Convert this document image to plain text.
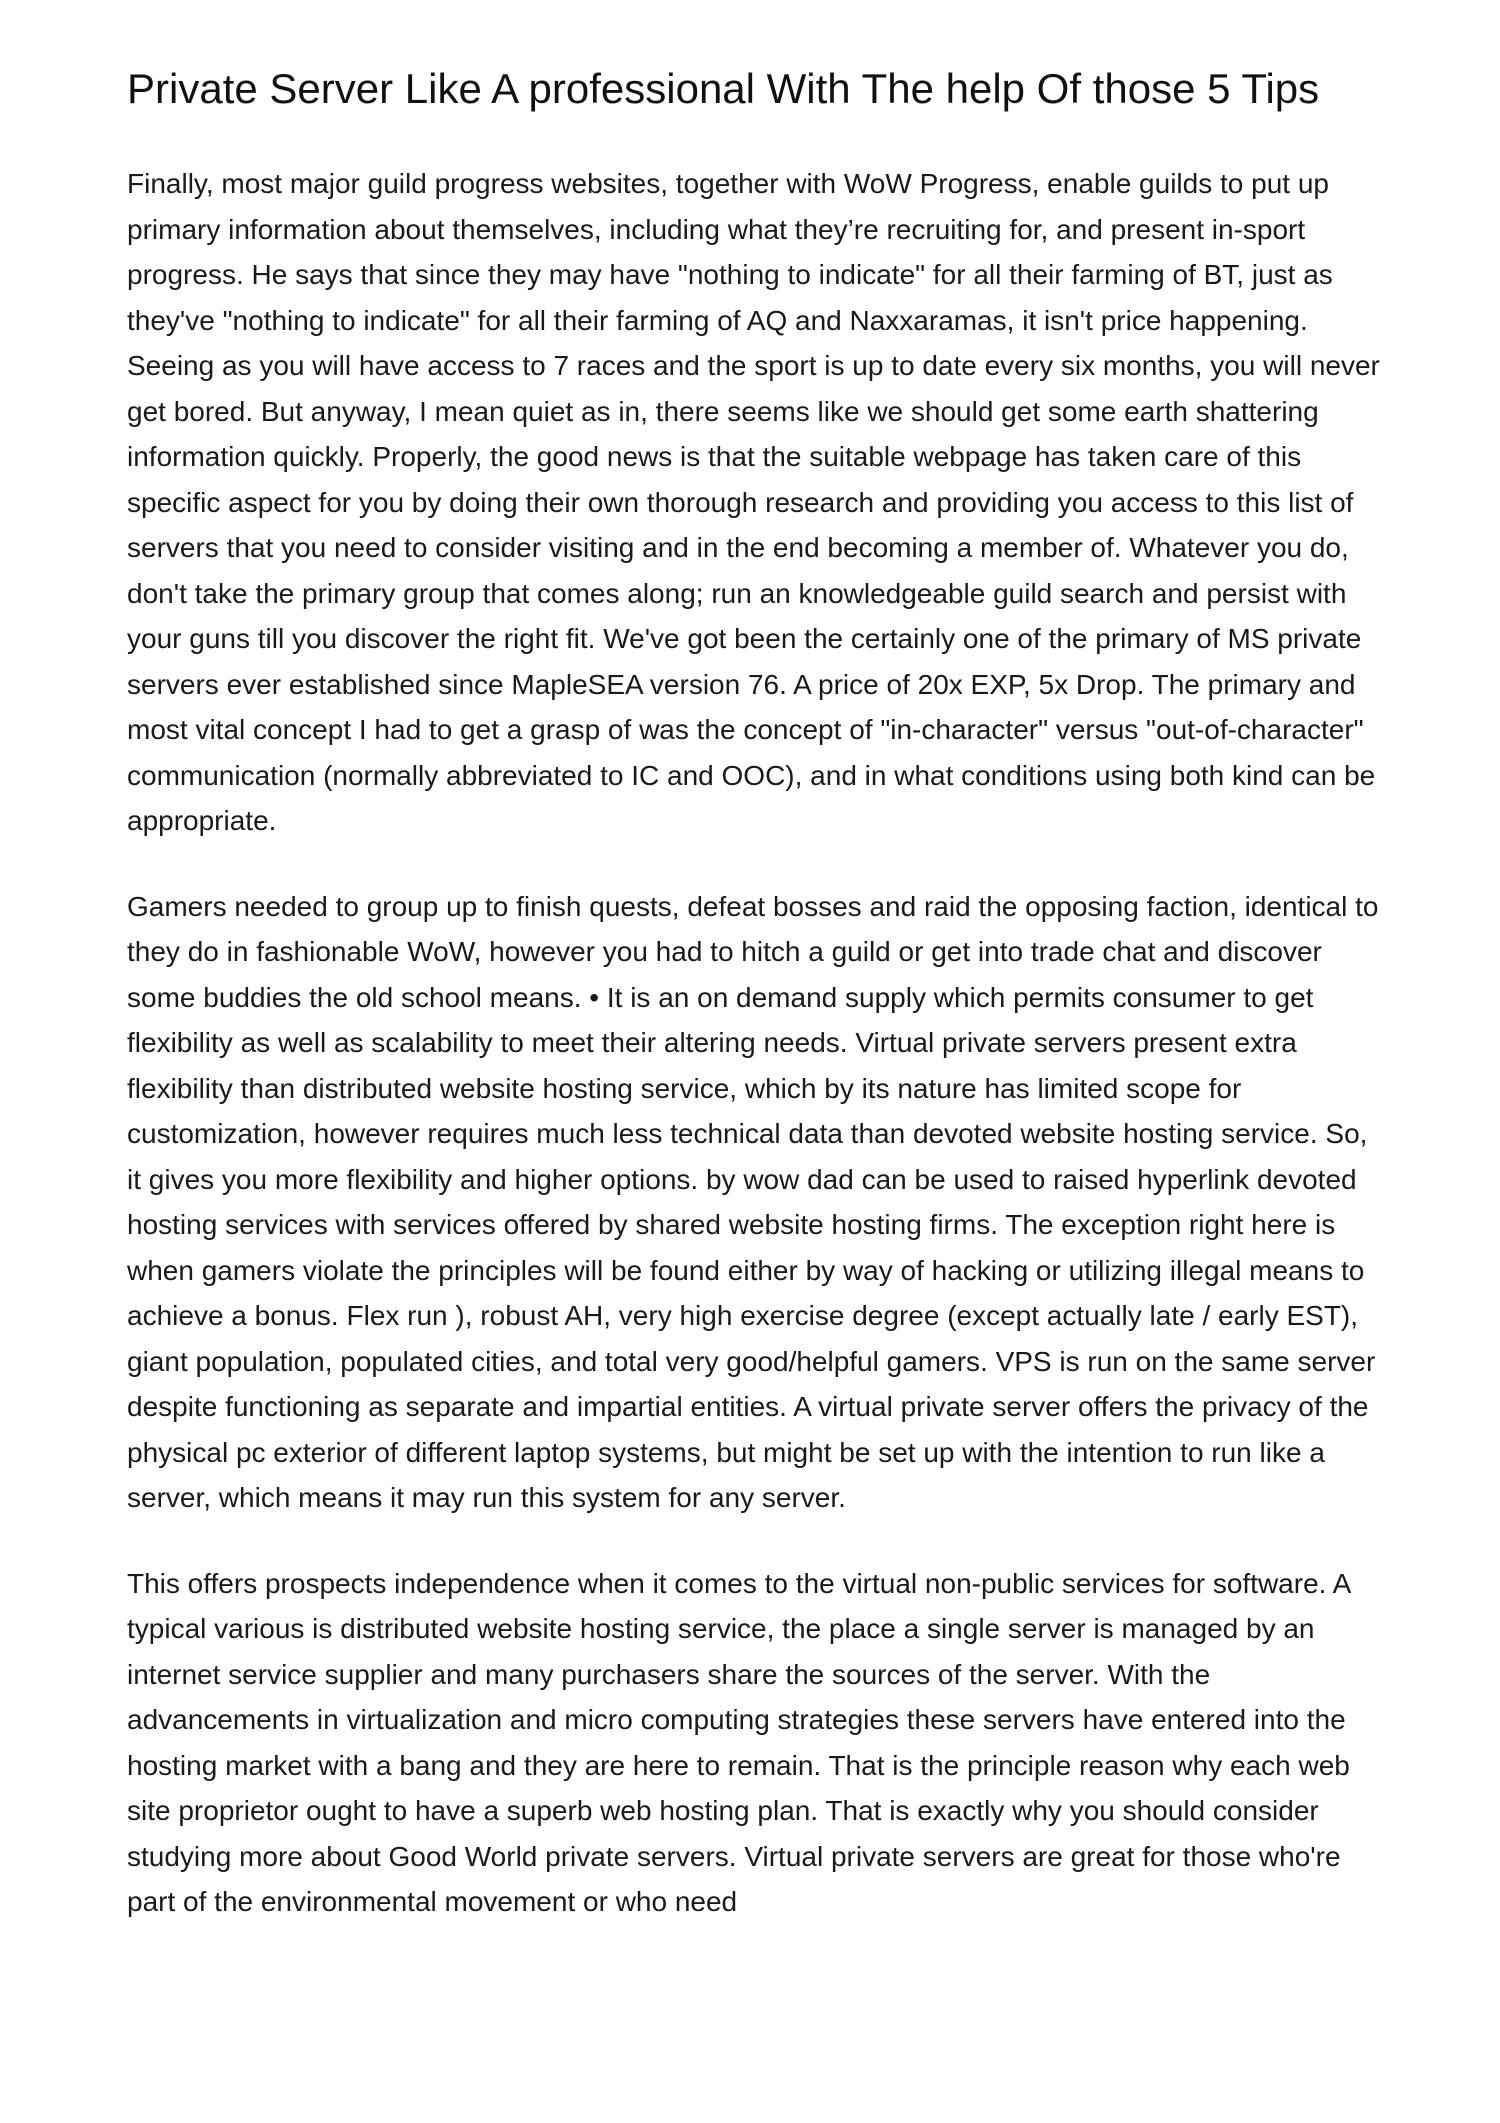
Private Server Like A professional With The help Of those 5 Tips

Finally, most major guild progress websites, together with WoW Progress, enable guilds to put up primary information about themselves, including what they’re recruiting for, and present in-sport progress. He says that since they may have "nothing to indicate" for all their farming of BT, just as they've "nothing to indicate" for all their farming of AQ and Naxxaramas, it isn't price happening. Seeing as you will have access to 7 races and the sport is up to date every six months, you will never get bored. But anyway, I mean quiet as in, there seems like we should get some earth shattering information quickly. Properly, the good news is that the suitable webpage has taken care of this specific aspect for you by doing their own thorough research and providing you access to this list of servers that you need to consider visiting and in the end becoming a member of. Whatever you do, don't take the primary group that comes along; run an knowledgeable guild search and persist with your guns till you discover the right fit. We've got been the certainly one of the primary of MS private servers ever established since MapleSEA version 76. A price of 20x EXP, 5x Drop. The primary and most vital concept I had to get a grasp of was the concept of "in-character" versus "out-of-character" communication (normally abbreviated to IC and OOC), and in what conditions using both kind can be appropriate.

Gamers needed to group up to finish quests, defeat bosses and raid the opposing faction, identical to they do in fashionable WoW, however you had to hitch a guild or get into trade chat and discover some buddies the old school means. • It is an on demand supply which permits consumer to get flexibility as well as scalability to meet their altering needs. Virtual private servers present extra flexibility than distributed website hosting service, which by its nature has limited scope for customization, however requires much less technical data than devoted website hosting service. So, it gives you more flexibility and higher options. by wow dad can be used to raised hyperlink devoted hosting services with services offered by shared website hosting firms. The exception right here is when gamers violate the principles will be found either by way of hacking or utilizing illegal means to achieve a bonus. Flex run ), robust AH, very high exercise degree (except actually late / early EST), giant population, populated cities, and total very good/helpful gamers. VPS is run on the same server despite functioning as separate and impartial entities. A virtual private server offers the privacy of the physical pc exterior of different laptop systems, but might be set up with the intention to run like a server, which means it may run this system for any server.

This offers prospects independence when it comes to the virtual non-public services for software. A typical various is distributed website hosting service, the place a single server is managed by an internet service supplier and many purchasers share the sources of the server. With the advancements in virtualization and micro computing strategies these servers have entered into the hosting market with a bang and they are here to remain. That is the principle reason why each web site proprietor ought to have a superb web hosting plan. That is exactly why you should consider studying more about Good World private servers. Virtual private servers are great for those who're part of the environmental movement or who need
